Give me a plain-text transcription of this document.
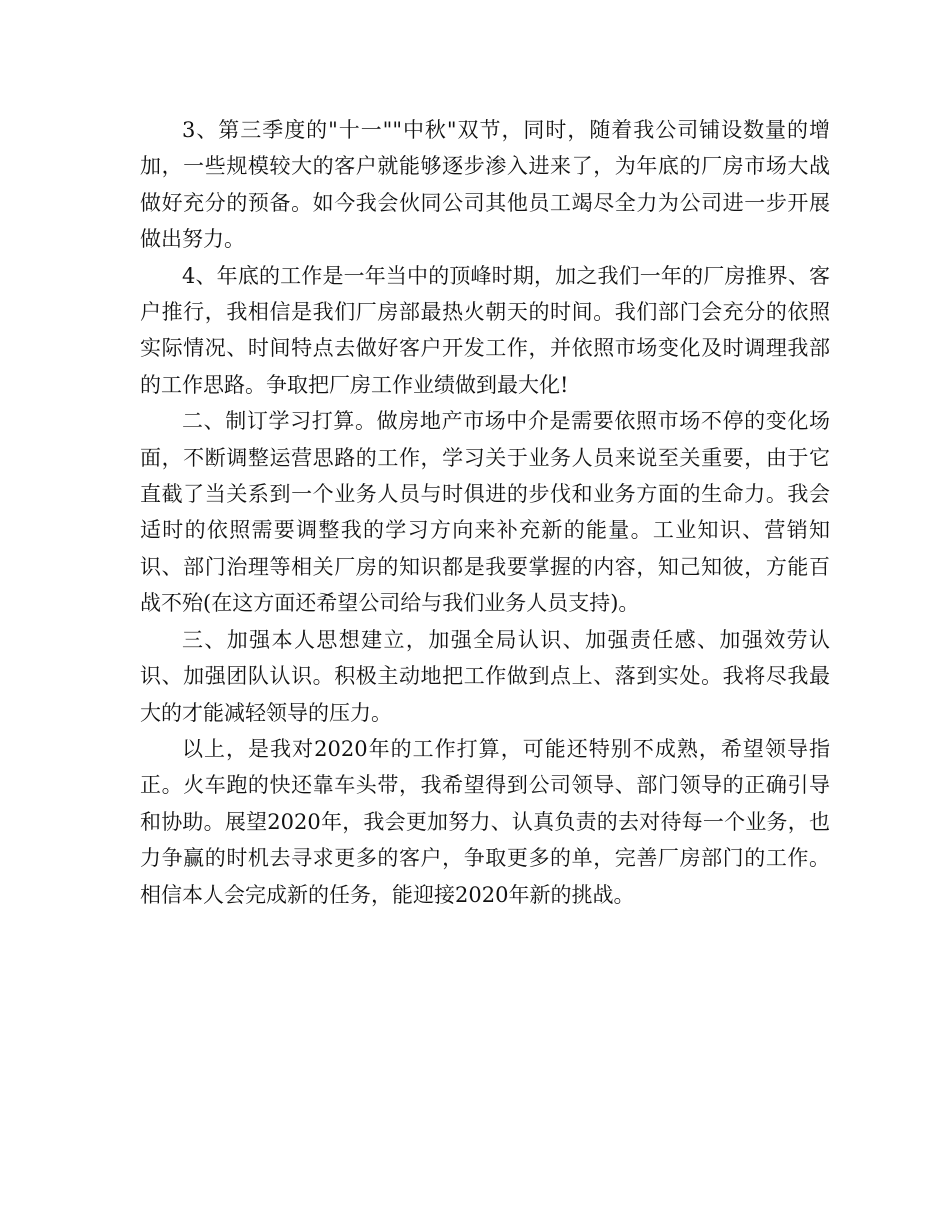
3、第三季度的"十一""中秋"双节，同时，随着我公司铺设数量的增加，一些规模较大的客户就能够逐步渗入进来了，为年底的厂房市场大战做好充分的预备。如今我会伙同公司其他员工竭尽全力为公司进一步开展做出努力。

4、年底的工作是一年当中的顶峰时期，加之我们一年的厂房推界、客户推行，我相信是我们厂房部最热火朝天的时间。我们部门会充分的依照实际情况、时间特点去做好客户开发工作，并依照市场变化及时调理我部的工作思路。争取把厂房工作业绩做到最大化!

二、制订学习打算。做房地产市场中介是需要依照市场不停的变化场面，不断调整运营思路的工作，学习关于业务人员来说至关重要，由于它直截了当关系到一个业务人员与时俱进的步伐和业务方面的生命力。我会适时的依照需要调整我的学习方向来补充新的能量。工业知识、营销知识、部门治理等相关厂房的知识都是我要掌握的内容，知己知彼，方能百战不殆(在这方面还希望公司给与我们业务人员支持)。

三、加强本人思想建立，加强全局认识、加强责任感、加强效劳认识、加强团队认识。积极主动地把工作做到点上、落到实处。我将尽我最大的才能减轻领导的压力。

以上，是我对2020年的工作打算，可能还特别不成熟，希望领导指正。火车跑的快还靠车头带，我希望得到公司领导、部门领导的正确引导和协助。展望2020年，我会更加努力、认真负责的去对待每一个业务，也力争赢的时机去寻求更多的客户，争取更多的单，完善厂房部门的工作。相信本人会完成新的任务，能迎接2020年新的挑战。
